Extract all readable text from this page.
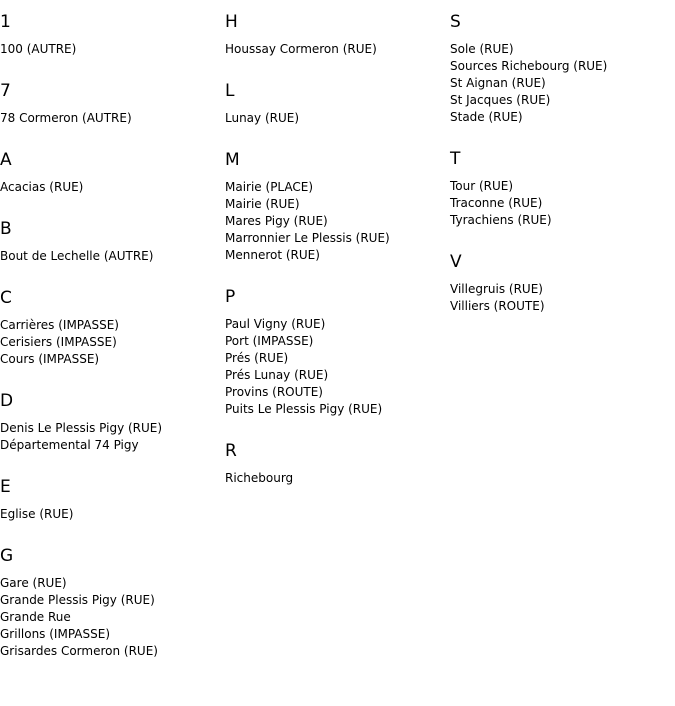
1
100 (AUTRE)
7
78 Cormeron (AUTRE)
A
Acacias (RUE)
B
Bout de Lechelle (AUTRE)
C
Carrières (IMPASSE)
Cerisiers (IMPASSE)
Cours (IMPASSE)
D
Denis Le Plessis Pigy (RUE)
Départemental 74 Pigy
E
Eglise (RUE)
G
Gare (RUE)
Grande Plessis Pigy (RUE)
Grande Rue
Grillons (IMPASSE)
Grisardes Cormeron (RUE)
H
Houssay Cormeron (RUE)
L
Lunay (RUE)
M
Mairie (PLACE)
Mairie (RUE)
Mares Pigy (RUE)
Marronnier Le Plessis (RUE)
Mennerot (RUE)
P
Paul Vigny (RUE)
Port (IMPASSE)
Prés (RUE)
Prés Lunay (RUE)
Provins (ROUTE)
Puits Le Plessis Pigy (RUE)
R
Richebourg
S
Sole (RUE)
Sources Richebourg (RUE)
St Aignan (RUE)
St Jacques (RUE)
Stade (RUE)
T
Tour (RUE)
Traconne (RUE)
Tyrachiens (RUE)
V
Villegruis (RUE)
Villiers (ROUTE)
